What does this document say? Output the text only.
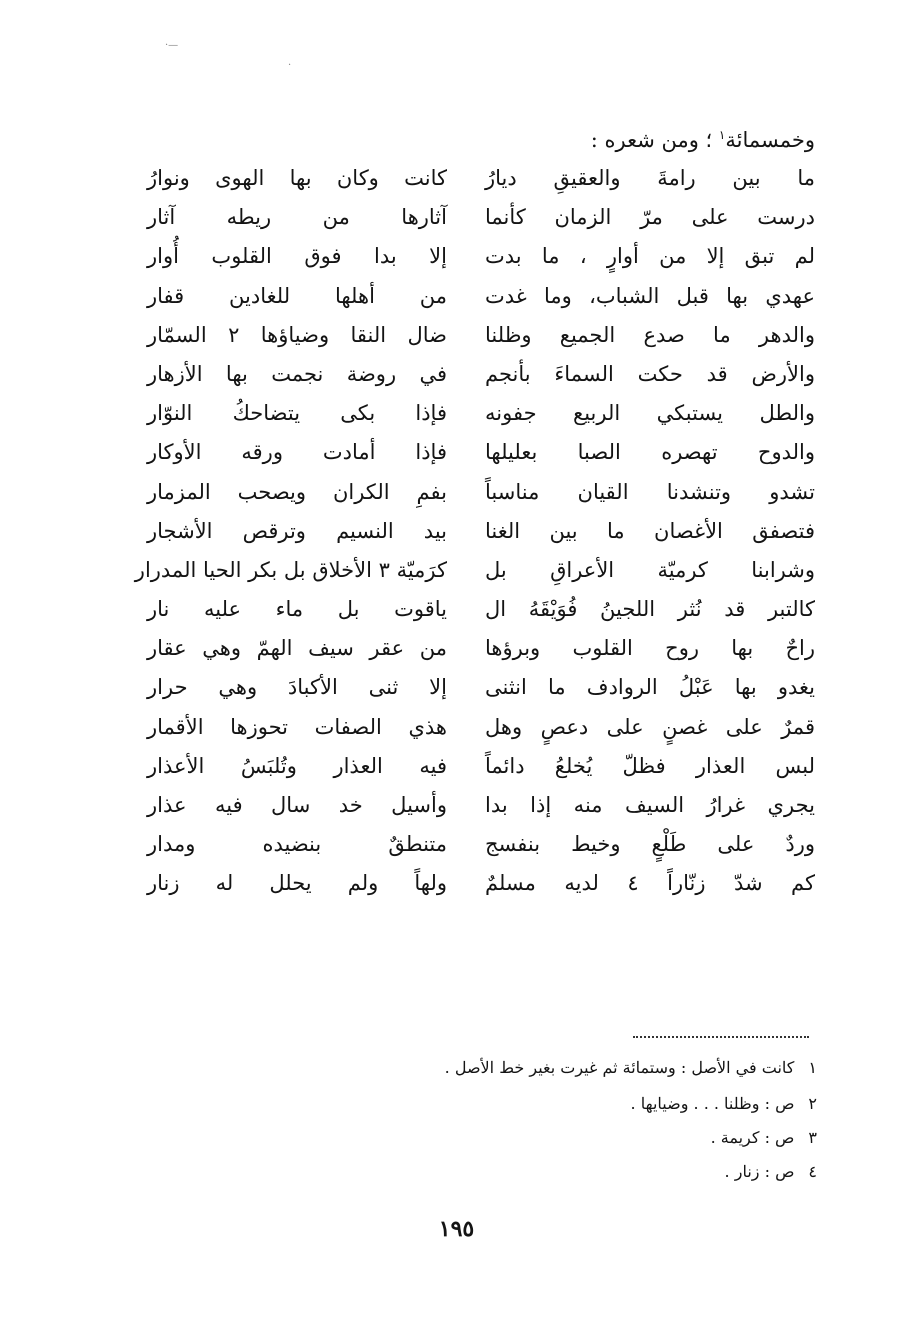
·—
·
وخمسمائة$^١$ ؛ ومن شعره :
ما بين رامةَ والعقيقِ ديارُ
كانت وكان بها الهوى ونوارُ
درست على مرّ الزمان كأنما
آثارها من ريطه آثار
لم تبق إلا من أوارٍ ، ما بدت
إلا بدا فوق القلوب أُوار
عهدي بها قبل الشباب، وما غدت
من أهلها للغادين قفار
والدهر ما صدع الجميع وظلنا
ضال النقا وضياؤها ٢ السمّار
والأرض قد حكت السماءَ بأنجم
في روضة نجمت بها الأزهار
والطل يستبكي الربيع جفونه
فإذا بكى يتضاحكُ النوّار
والدوح تهصره الصبا بعليلها
فإذا أمادت ورقه الأوكار
تشدو وتنشدنا القيان مناسباً
بفمِ الكران ويصحب المزمار
فتصفق الأغصان ما بين الغنا
بيد النسيم وترقص الأشجار
وشرابنا كرميّة الأعراقِ بل
كرَميّة ٣ الأخلاق بل بكر الحيا المدرار
كالتبر قد نُثر اللجينُ فُوَيْقَهُ ال
ياقوت بل ماء عليه نار
راحٌ بها روح القلوب وبرؤها
من عقر سيف الهمّ وهي عقار
يغدو بها عَبْلُ الروادف ما انثنى
إلا ثنى الأكبادَ وهي حرار
قمرٌ على غصنٍ على دعصٍ وهل
هذي الصفات تحوزها الأقمار
لبس العذار فظلّ يُخلعُ دائماً
فيه العذار وتُلبَسُ الأعذار
يجري غرارُ السيف منه إذا بدا
وأسيل خد سال فيه عذار
وردٌ على طَلْعٍ وخيط بنفسج
متنطقٌ بنضيده ومدار
كم شدّ زنّاراً ٤ لديه مسلمٌ
ولهاً ولم يحلل له زنار
١كانت في الأصل : وستمائة ثم غيرت بغير خط الأصل .
٢ص : وظلنا . . . وضيايها .
٣ص : كريمة .
٤ص : زنار .
١٩٥
